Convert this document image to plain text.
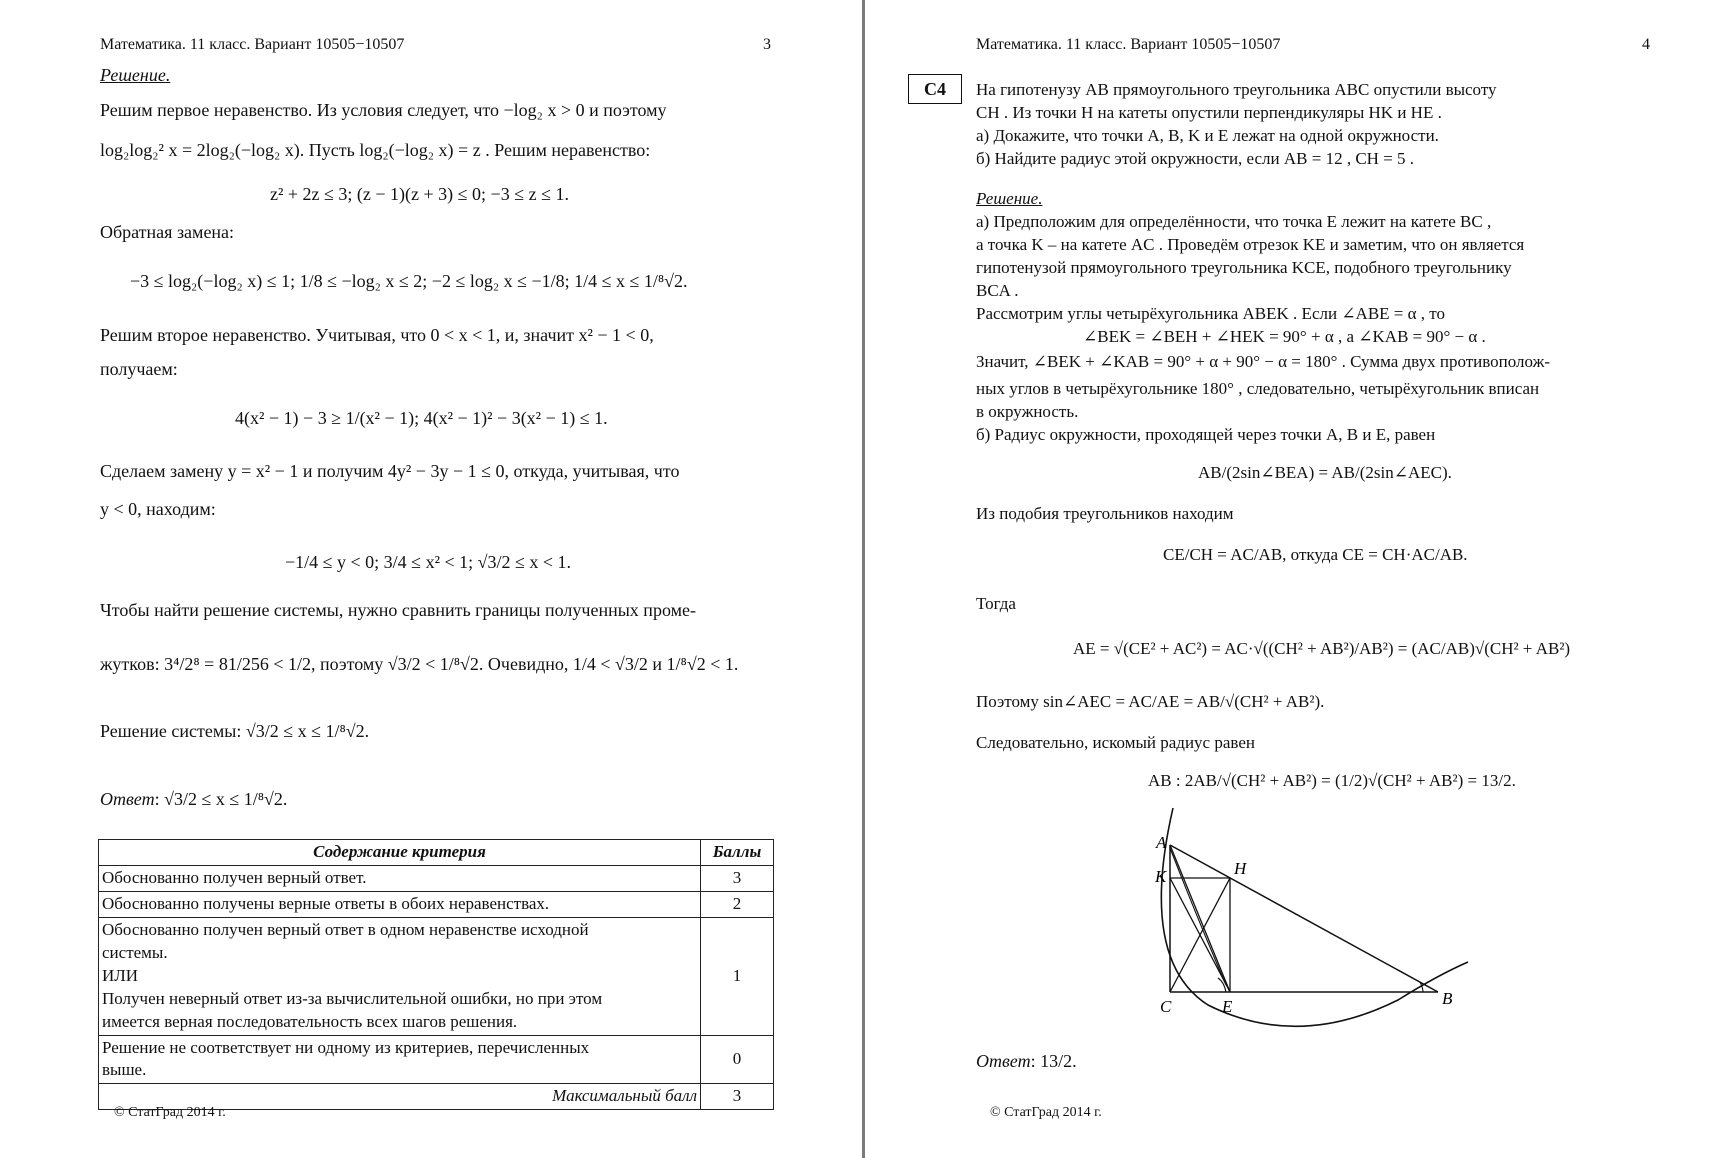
Математика. 11 класс. Вариант 10505−10507	3
Решение.
Решим первое неравенство. Из условия следует, что −log₂ x > 0 и поэтому
log₂log₂² x = 2log₂(−log₂ x). Пусть log₂(−log₂ x) = z . Решим неравенство:
z² + 2z ≤ 3; (z − 1)(z + 3) ≤ 0; −3 ≤ z ≤ 1.
Обратная замена:
−3 ≤ log₂(−log₂ x) ≤ 1; 1/8 ≤ −log₂ x ≤ 2; −2 ≤ log₂ x ≤ −1/8; 1/4 ≤ x ≤ 1/⁸√2.
Решим второе неравенство. Учитывая, что 0 < x < 1, и, значит x² − 1 < 0,
получаем:
4(x² − 1) − 3 ≥ 1/(x² − 1); 4(x² − 1)² − 3(x² − 1) ≤ 1.
Сделаем замену y = x² − 1 и получим 4y² − 3y − 1 ≤ 0, откуда, учитывая, что
y < 0, находим:
−1/4 ≤ y < 0; 3/4 ≤ x² < 1; √3/2 ≤ x < 1.
Чтобы найти решение системы, нужно сравнить границы полученных проме-
жутков: 3⁴/2⁸ = 81/256 < 1/2, поэтому √3/2 < 1/⁸√2. Очевидно, 1/4 < √3/2 и 1/⁸√2 < 1.
Решение системы: √3/2 ≤ x ≤ 1/⁸√2.
Ответ: √3/2 ≤ x ≤ 1/⁸√2.
Содержание критерия	Баллы
Обоснованно получен верный ответ.	3
Обоснованно получены верные ответы в обоих неравенствах.	2

Обоснованно получен верный ответ в одном неравенстве исходной
системы.
ИЛИ
Получен неверный ответ из-за вычислительной ошибки, но при этом
имеется верная последовательность всех шагов решения.	1

Решение не соответствует ни одному из критериев, перечисленных
выше.	0
Максимальный балл	3
© СтатГрад 2014 г.
Математика. 11 класс. Вариант 10505−10507	4
C4	На гипотенузу AB прямоугольного треугольника ABC опустили высоту
CH . Из точки H на катеты опустили перпендикуляры HK и HE .
а) Докажите, что точки A, B, K и E лежат на одной окружности.
б) Найдите радиус этой окружности, если AB = 12 , CH = 5 .
Решение.
а) Предположим для определённости, что точка E лежит на катете BC ,
а точка K – на катете AC . Проведём отрезок KE и заметим, что он является
гипотенузой прямоугольного треугольника KCE, подобного треугольнику
BCA .
Рассмотрим углы четырёхугольника ABEK . Если ∠ABE = α , то
∠BEK = ∠BEH + ∠HEK = 90° + α , а ∠KAB = 90° − α .
Значит, ∠BEK + ∠KAB = 90° + α + 90° − α = 180° . Сумма двух противополож-
ных углов в четырёхугольнике 180° , следовательно, четырёхугольник вписан
в окружность.
б) Радиус окружности, проходящей через точки A, B и E, равен
AB/(2sin∠BEA) = AB/(2sin∠AEC).
Из подобия треугольников находим
CE/CH = AC/AB, откуда CE = CH·AC/AB.
Тогда
AE = √(CE² + AC²) = AC·√((CH² + AB²)/AB²) = (AC/AB)√(CH² + AB²)
Поэтому sin∠AEC = AC/AE = AB/√(CH² + AB²).
Следовательно, искомый радиус равен
AB : 2AB/√(CH² + AB²) = (1/2)√(CH² + AB²) = 13/2.
A
K	H
C	E	B
Ответ: 13/2.
© СтатГрад 2014 г.
